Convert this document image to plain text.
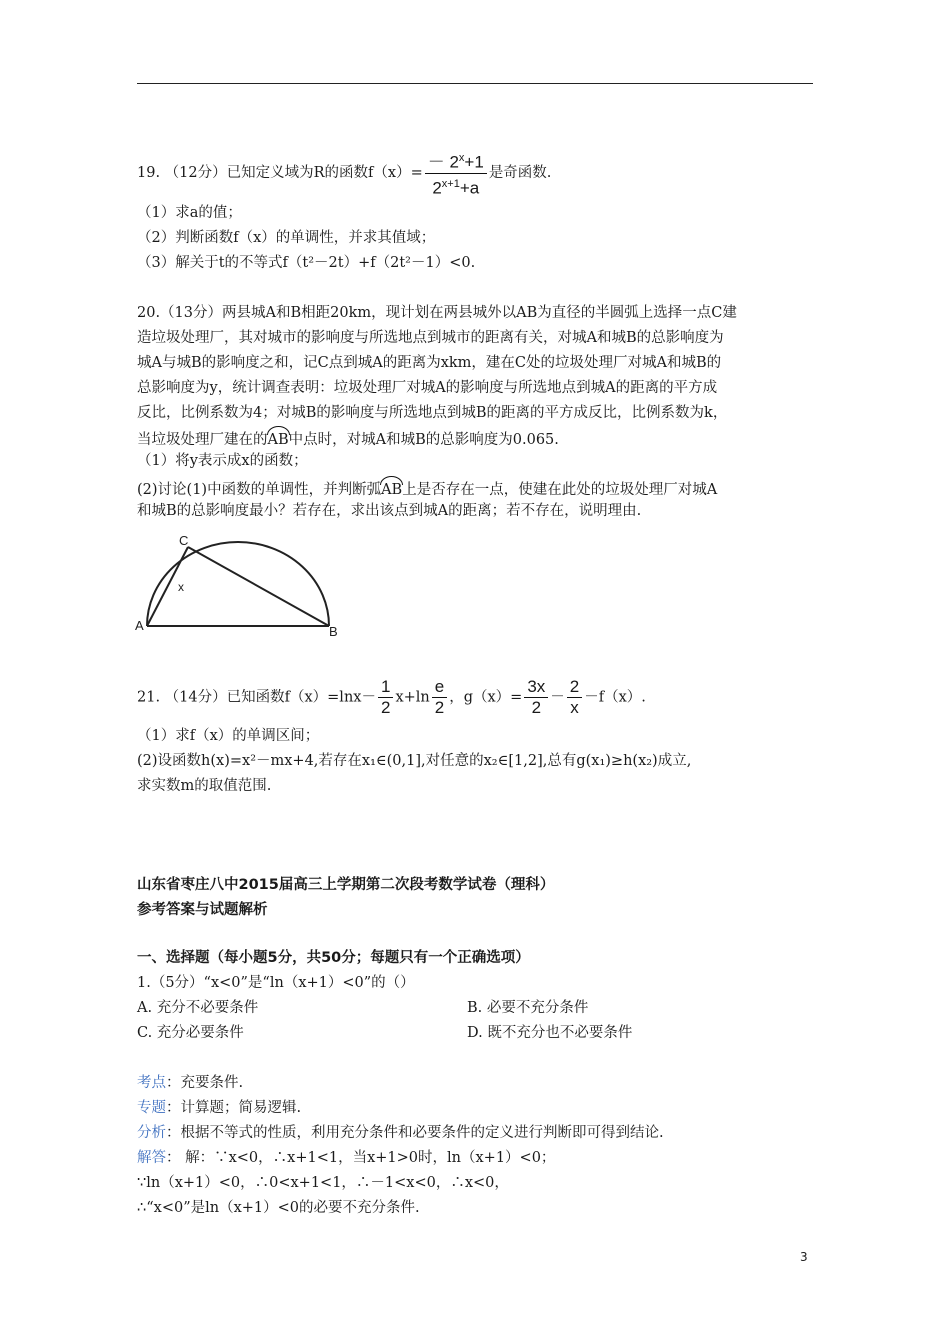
19. （12分）已知定义域为R的函数$f(x)= \frac{- 2^x+1}{2^{x+1}+a}$ 是奇函数.
（1）求a的值；
（2）判断函数f（x）的单调性，并求其值域；
（3）解关于t的不等式f（t²－2t）+f（2t²－1）<0.
20.（13分）两县城A和B相距20km，现计划在两县城外以AB为直径的半圆弧上选择一点C建
造垃圾处理厂，其对城市的影响度与所选地点到城市的距离有关，对城A和城B的总影响度为
城A与城B的影响度之和，记C点到城A的距离为xkm，建在C处的垃圾处理厂对城A和城B的
总影响度为y，统计调查表明：垃圾处理厂对城A的影响度与所选地点到城A的距离的平方成
反比，比例系数为4；对城B的影响度与所选地点到城B的距离的平方成反比，比例系数为k，
当垃圾处理厂建在的AB中点时，对城A和城B的总影响度为0.065.
（1）将y表示成x的函数；
(2)讨论(1)中函数的单调性，并判断弧AB上是否存在一点，使建在此处的垃圾处理厂对城A
和城B的总影响度最小？若存在，求出该点到城A的距离；若不存在，说明理由.
C
x
A	B
21. （14分）已知函数$f(x)=\ln x- \frac{1}{2} x+\ln \frac{e}{2}$ ，$g(x)= \frac{3x}{2} - \frac{2}{x} -f(x)$.
（1）求f（x）的单调区间；
(2)设函数h(x)=x²－mx+4,若存在x₁∈(0,1],对任意的x₂∈[1,2],总有g(x₁)≥h(x₂)成立,
求实数m的取值范围.
山东省枣庄八中2015届高三上学期第二次段考数学试卷（理科）
参考答案与试题解析
一、选择题（每小题5分，共50分；每题只有一个正确选项）
1.（5分）“x<0”是“ln（x+1）<0”的（）
A. 充分不必要条件	B. 必要不充分条件
C. 充分必要条件	D. 既不充分也不必要条件
考点：充要条件.
专题：计算题；简易逻辑.
分析：根据不等式的性质，利用充分条件和必要条件的定义进行判断即可得到结论.
解答： 解：∵x<0，∴x+1<1，当x+1>0时，ln（x+1）<0；
∵ln（x+1）<0，∴0<x+1<1，∴－1<x<0，∴x<0，
∴“x<0”是ln（x+1）<0的必要不充分条件.
3
